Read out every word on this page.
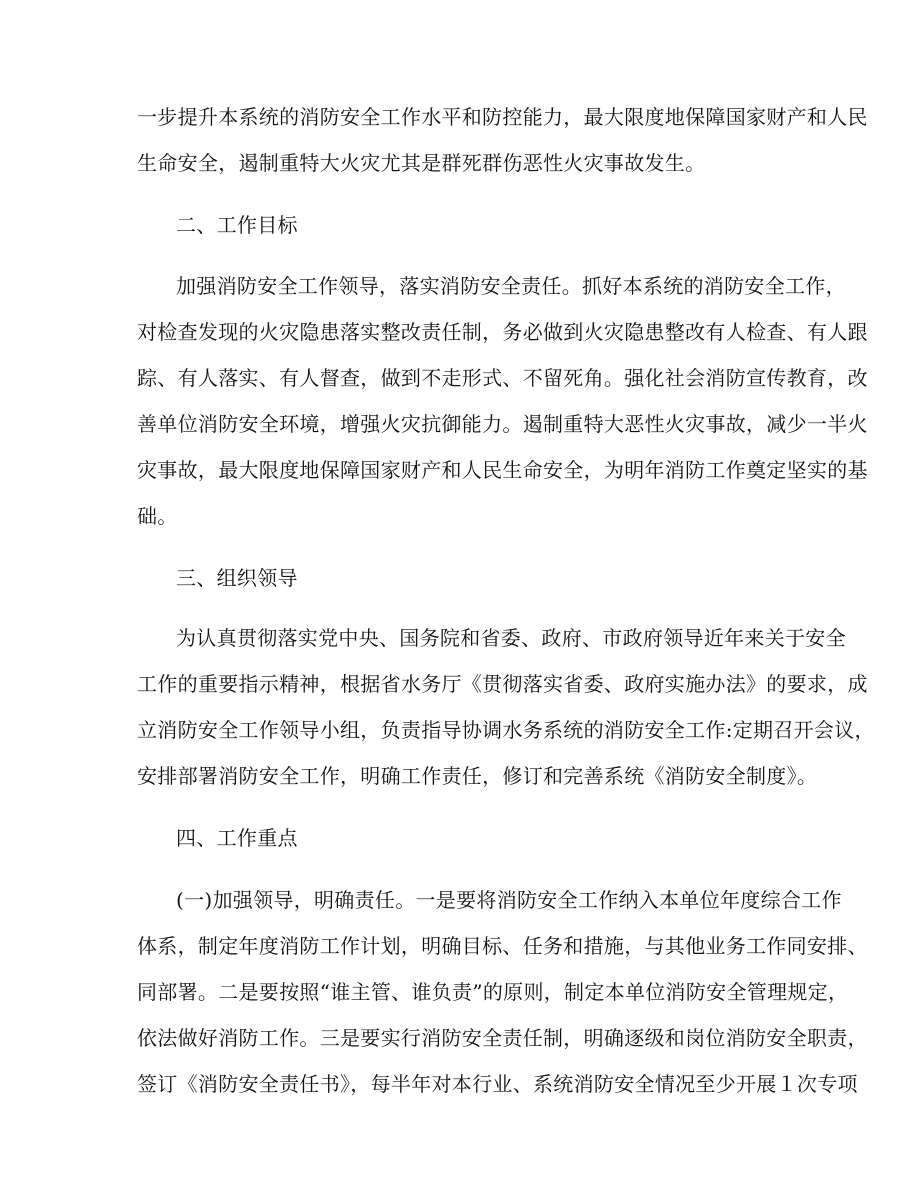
一步提升本系统的消防安全工作水平和防控能力，最大限度地保障国家财产和人民
生命安全，遏制重特大火灾尤其是群死群伤恶性火灾事故发生。
二、工作目标
加强消防安全工作领导，落实消防安全责任。抓好本系统的消防安全工作，
对检查发现的火灾隐患落实整改责任制，务必做到火灾隐患整改有人检查、有人跟
踪、有人落实、有人督查，做到不走形式、不留死角。强化社会消防宣传教育，改
善单位消防安全环境，增强火灾抗御能力。遏制重特大恶性火灾事故，减少一半火
灾事故，最大限度地保障国家财产和人民生命安全，为明年消防工作奠定坚实的基
础。
三、组织领导
为认真贯彻落实党中央、国务院和省委、政府、市政府领导近年来关于安全
工作的重要指示精神，根据省水务厅《贯彻落实省委、政府实施办法》的要求，成
立消防安全工作领导小组，负责指导协调水务系统的消防安全工作:定期召开会议，
安排部署消防安全工作，明确工作责任，修订和完善系统《消防安全制度》。
四、工作重点
(一)加强领导，明确责任。一是要将消防安全工作纳入本单位年度综合工作
体系，制定年度消防工作计划，明确目标、任务和措施，与其他业务工作同安排、
同部署。二是要按照“谁主管、谁负责”的原则，制定本单位消防安全管理规定，
依法做好消防工作。三是要实行消防安全责任制，明确逐级和岗位消防安全职责，
签订《消防安全责任书》，每半年对本行业、系统消防安全情况至少开展１次专项
